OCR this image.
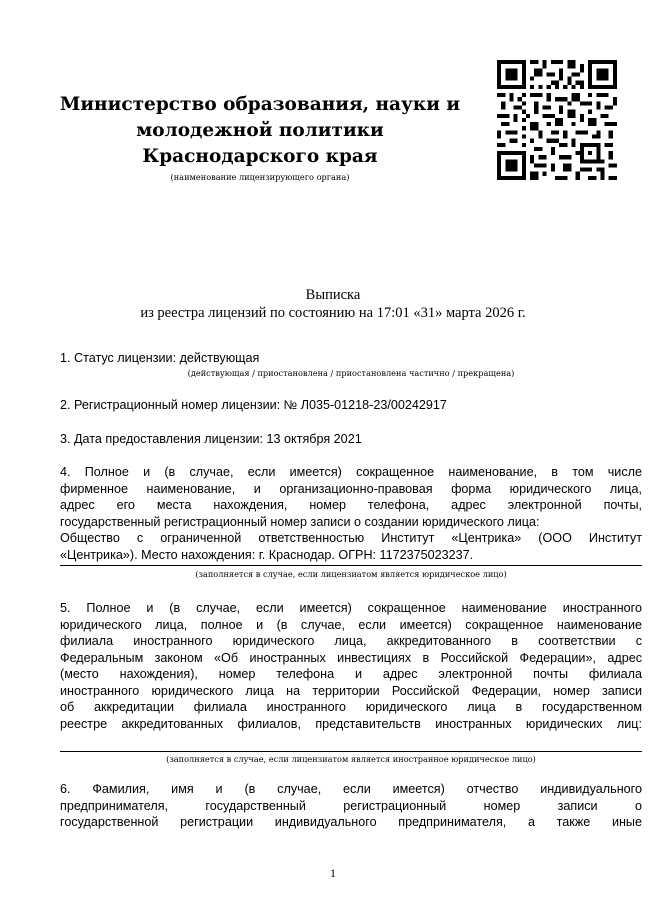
Министерство образования, науки и
молодежной политики
Краснодарского края
(наименование лицензирующего органа)
Выписка
из реестра лицензий по состоянию на 17:01 «31» марта 2026 г.
1. Статус лицензии: действующая
(действующая / приостановлена / приостановлена частично / прекращена)
2. Регистрационный номер лицензии: № Л035-01218-23/00242917
3. Дата предоставления лицензии: 13 октября 2021
4. Полное и (в случае, если имеется) сокращенное наименование, в том числе
фирменное наименование, и организационно-правовая форма юридического лица,
адрес его места нахождения, номер телефона, адрес электронной почты,
государственный регистрационный номер записи о создании юридического лица:
Общество с ограниченной ответственностью Институт «Центрика» (ООО Институт
«Центрика»). Место нахождения: г. Краснодар. ОГРН: 1172375023237.
(заполняется в случае, если лицензиатом является юридическое лицо)
5. Полное и (в случае, если имеется) сокращенное наименование иностранного
юридического лица, полное и (в случае, если имеется) сокращенное наименование
филиала иностранного юридического лица, аккредитованного в соответствии с
Федеральным законом «Об иностранных инвестициях в Российской Федерации», адрес
(место нахождения), номер телефона и адрес электронной почты филиала
иностранного юридического лица на территории Российской Федерации, номер записи
об аккредитации филиала иностранного юридического лица в государственном
реестре аккредитованных филиалов, представительств иностранных юридических лиц:
(заполняется в случае, если лицензиатом является иностранное юридическое лицо)
6. Фамилия, имя и (в случае, если имеется) отчество индивидуального
предпринимателя, государственный регистрационный номер записи о
государственной регистрации индивидуального предпринимателя, а также иные
1
